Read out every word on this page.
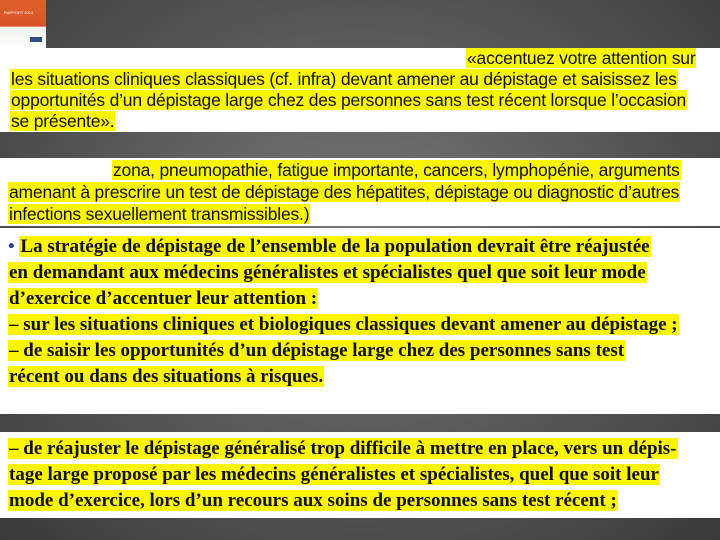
RAPPORT 2013
«accentuez votre attention sur
les situations cliniques classiques (cf. infra) devant amener au dépistage et saisissez les
opportunités d’un dépistage large chez des personnes sans test récent lorsque l’occasion
se présente».
zona, pneumopathie, fatigue importante, cancers, lymphopénie, arguments
amenant à prescrire un test de dépistage des hépatites, dépistage ou diagnostic d’autres
infections sexuellement transmissibles.)
• La stratégie de dépistage de l’ensemble de la population devrait être réajustée
en demandant aux médecins généralistes et spécialistes quel que soit leur mode
d’exercice d’accentuer leur attention :
– sur les situations cliniques et biologiques classiques devant amener au dépistage ;
– de saisir les opportunités d’un dépistage large chez des personnes sans test
récent ou dans des situations à risques.
– de réajuster le dépistage généralisé trop difficile à mettre en place, vers un dépis-
tage large proposé par les médecins généralistes et spécialistes, quel que soit leur
mode d’exercice, lors d’un recours aux soins de personnes sans test récent ;
